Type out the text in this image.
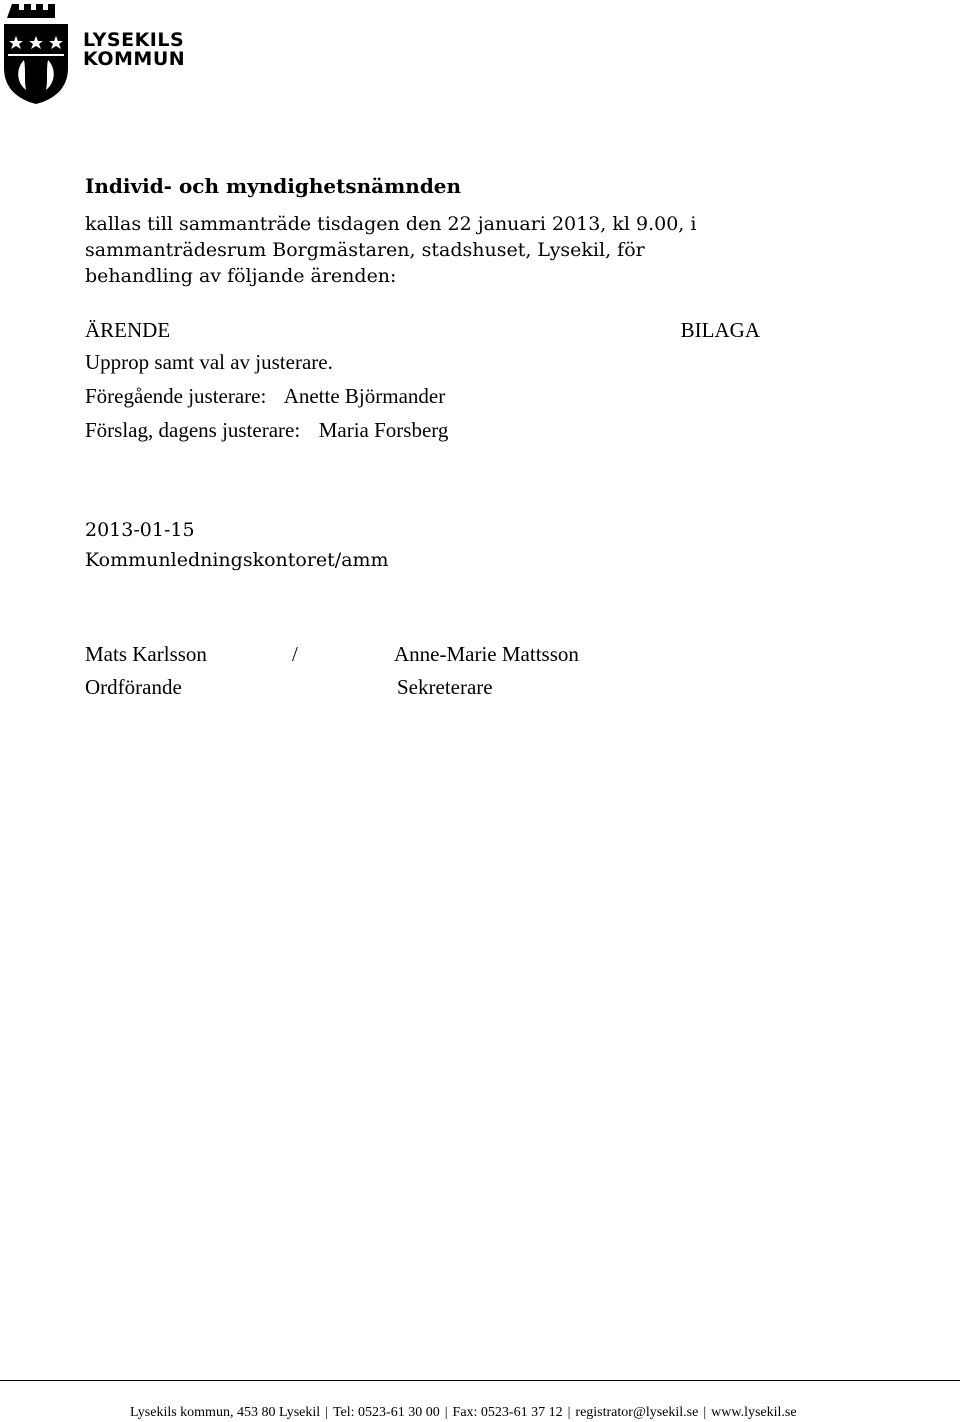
LYSEKILS
KOMMUN
Individ- och myndighetsnämnden

kallas till sammanträde tisdagen den 22 januari 2013, kl 9.00, i
sammanträdesrum Borgmästaren, stadshuset, Lysekil, för
behandling av följande ärenden:

ÄRENDE	BILAGA
Upprop samt val av justerare.
Föregående justerare: Anette Björmander
Förslag, dagens justerare: Maria Forsberg
2013-01-15
Kommunledningskontoret/amm
Mats Karlsson	/	Anne-Marie Mattsson
Ordförande	Sekreterare
Lysekils kommun, 453 80 Lysekil | Tel: 0523-61 30 00 | Fax: 0523-61 37 12 | registrator@lysekil.se | www.lysekil.se
